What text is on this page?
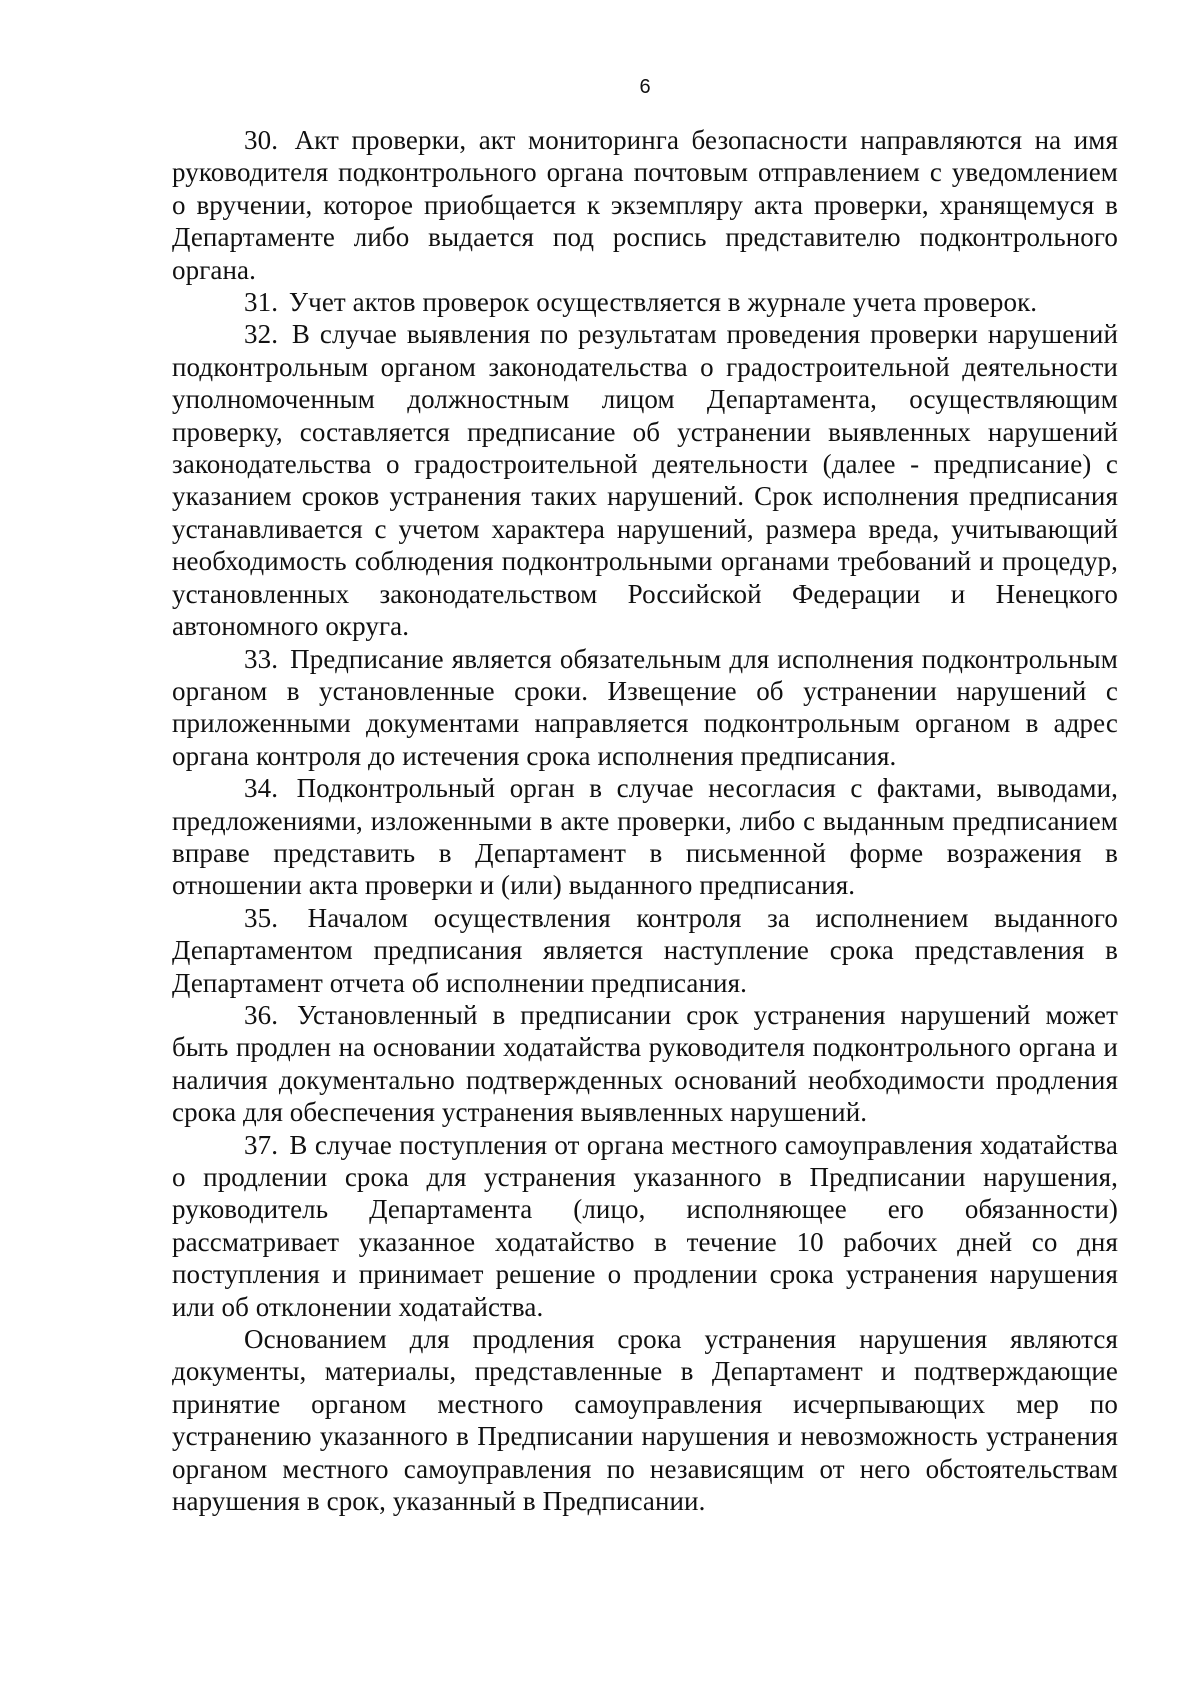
6

30. Акт проверки, акт мониторинга безопасности направляются на имя руководителя подконтрольного органа почтовым отправлением с уведомлением о вручении, которое приобщается к экземпляру акта проверки, хранящемуся в Департаменте либо выдается под роспись представителю подконтрольного органа.

31. Учет актов проверок осуществляется в журнале учета проверок.

32. В случае выявления по результатам проведения проверки нарушений подконтрольным органом законодательства о градостроительной деятельности уполномоченным должностным лицом Департамента, осуществляющим проверку, составляется предписание об устранении выявленных нарушений законодательства о градостроительной деятельности (далее - предписание) с указанием сроков устранения таких нарушений. Срок исполнения предписания устанавливается с учетом характера нарушений, размера вреда, учитывающий необходимость соблюдения подконтрольными органами требований и процедур, установленных законодательством Российской Федерации и Ненецкого автономного округа.

33. Предписание является обязательным для исполнения подконтрольным органом в установленные сроки. Извещение об устранении нарушений с приложенными документами направляется подконтрольным органом в адрес органа контроля до истечения срока исполнения предписания.

34. Подконтрольный орган в случае несогласия с фактами, выводами, предложениями, изложенными в акте проверки, либо с выданным предписанием вправе представить в Департамент в письменной форме возражения в отношении акта проверки и (или) выданного предписания.

35. Началом осуществления контроля за исполнением выданного Департаментом предписания является наступление срока представления в Департамент отчета об исполнении предписания.

36. Установленный в предписании срок устранения нарушений может быть продлен на основании ходатайства руководителя подконтрольного органа и наличия документально подтвержденных оснований необходимости продления срока для обеспечения устранения выявленных нарушений.

37. В случае поступления от органа местного самоуправления ходатайства о продлении срока для устранения указанного в Предписании нарушения, руководитель Департамента (лицо, исполняющее его обязанности) рассматривает указанное ходатайство в течение 10 рабочих дней со дня поступления и принимает решение о продлении срока устранения нарушения или об отклонении ходатайства.

Основанием для продления срока устранения нарушения являются документы, материалы, представленные в Департамент и подтверждающие принятие органом местного самоуправления исчерпывающих мер по устранению указанного в Предписании нарушения и невозможность устранения органом местного самоуправления по независящим от него обстоятельствам нарушения в срок, указанный в Предписании.
